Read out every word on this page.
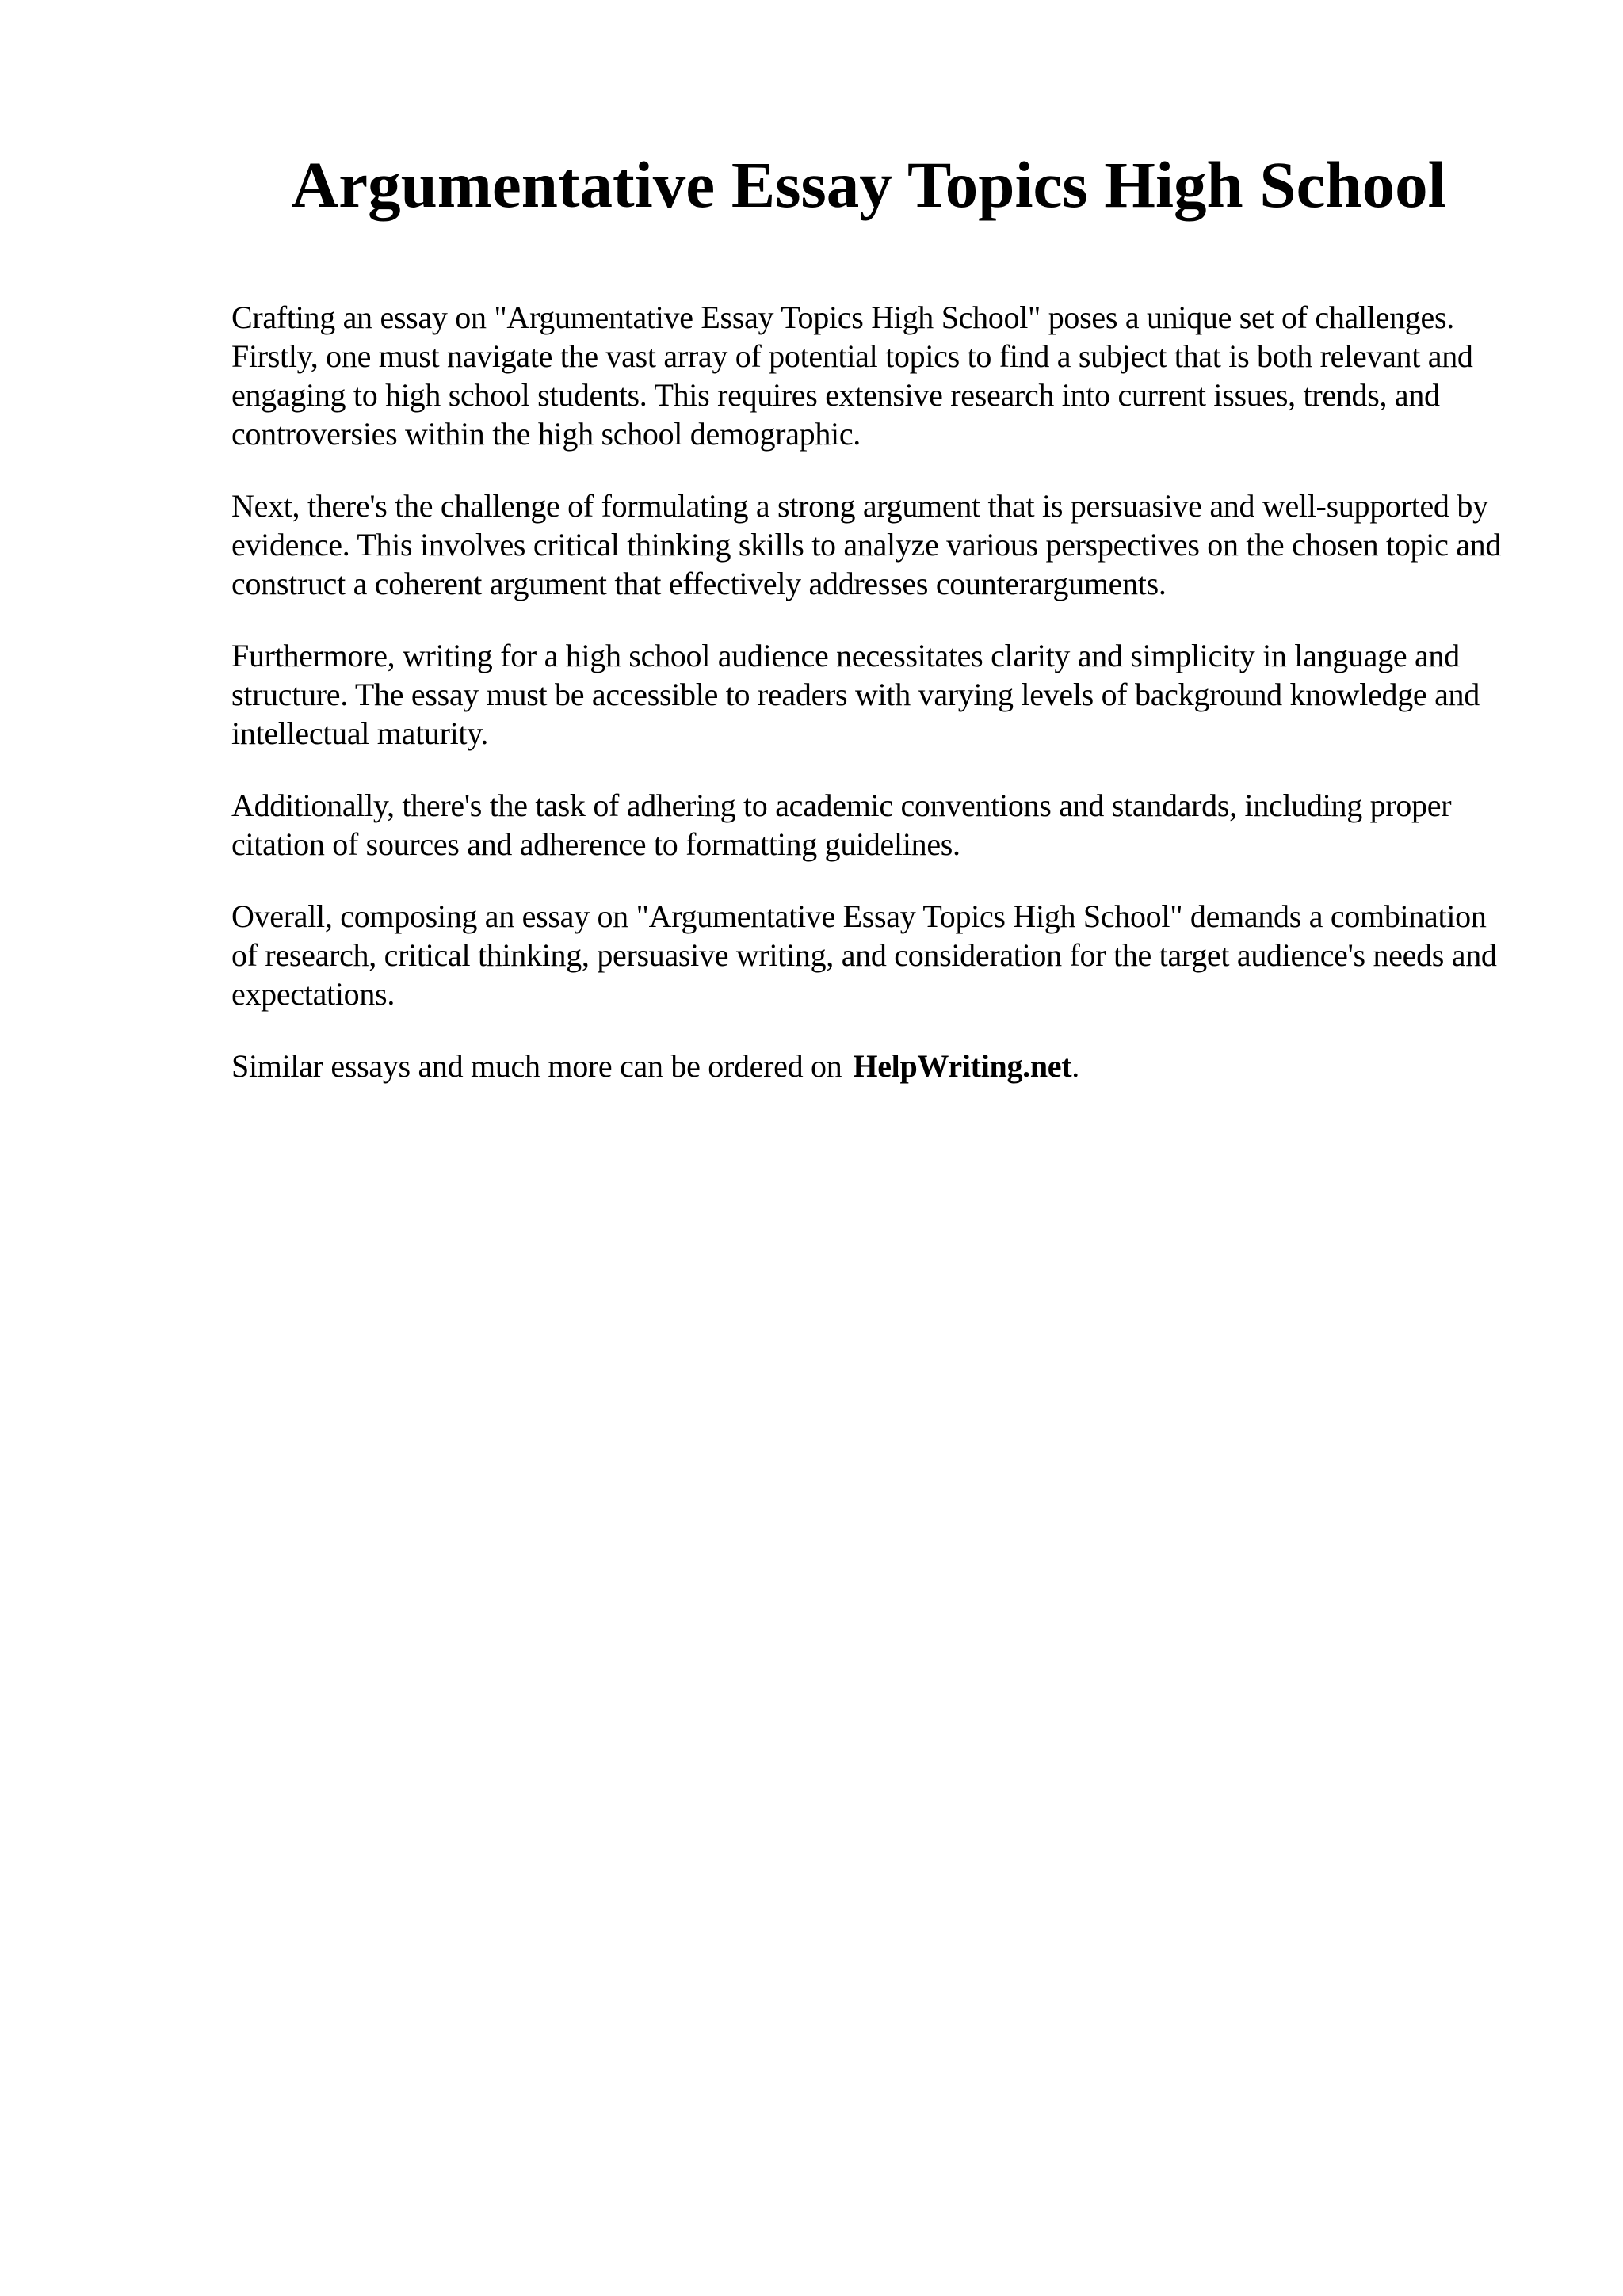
Argumentative Essay Topics High School

Crafting an essay on "Argumentative Essay Topics High School" poses a unique set of challenges. Firstly, one must navigate the vast array of potential topics to find a subject that is both relevant and engaging to high school students. This requires extensive research into current issues, trends, and controversies within the high school demographic.

Next, there's the challenge of formulating a strong argument that is persuasive and well-supported by evidence. This involves critical thinking skills to analyze various perspectives on the chosen topic and construct a coherent argument that effectively addresses counterarguments.

Furthermore, writing for a high school audience necessitates clarity and simplicity in language and structure. The essay must be accessible to readers with varying levels of background knowledge and intellectual maturity.

Additionally, there's the task of adhering to academic conventions and standards, including proper citation of sources and adherence to formatting guidelines.

Overall, composing an essay on "Argumentative Essay Topics High School" demands a combination of research, critical thinking, persuasive writing, and consideration for the target audience's needs and expectations.

Similar essays and much more can be ordered on HelpWriting.net.
